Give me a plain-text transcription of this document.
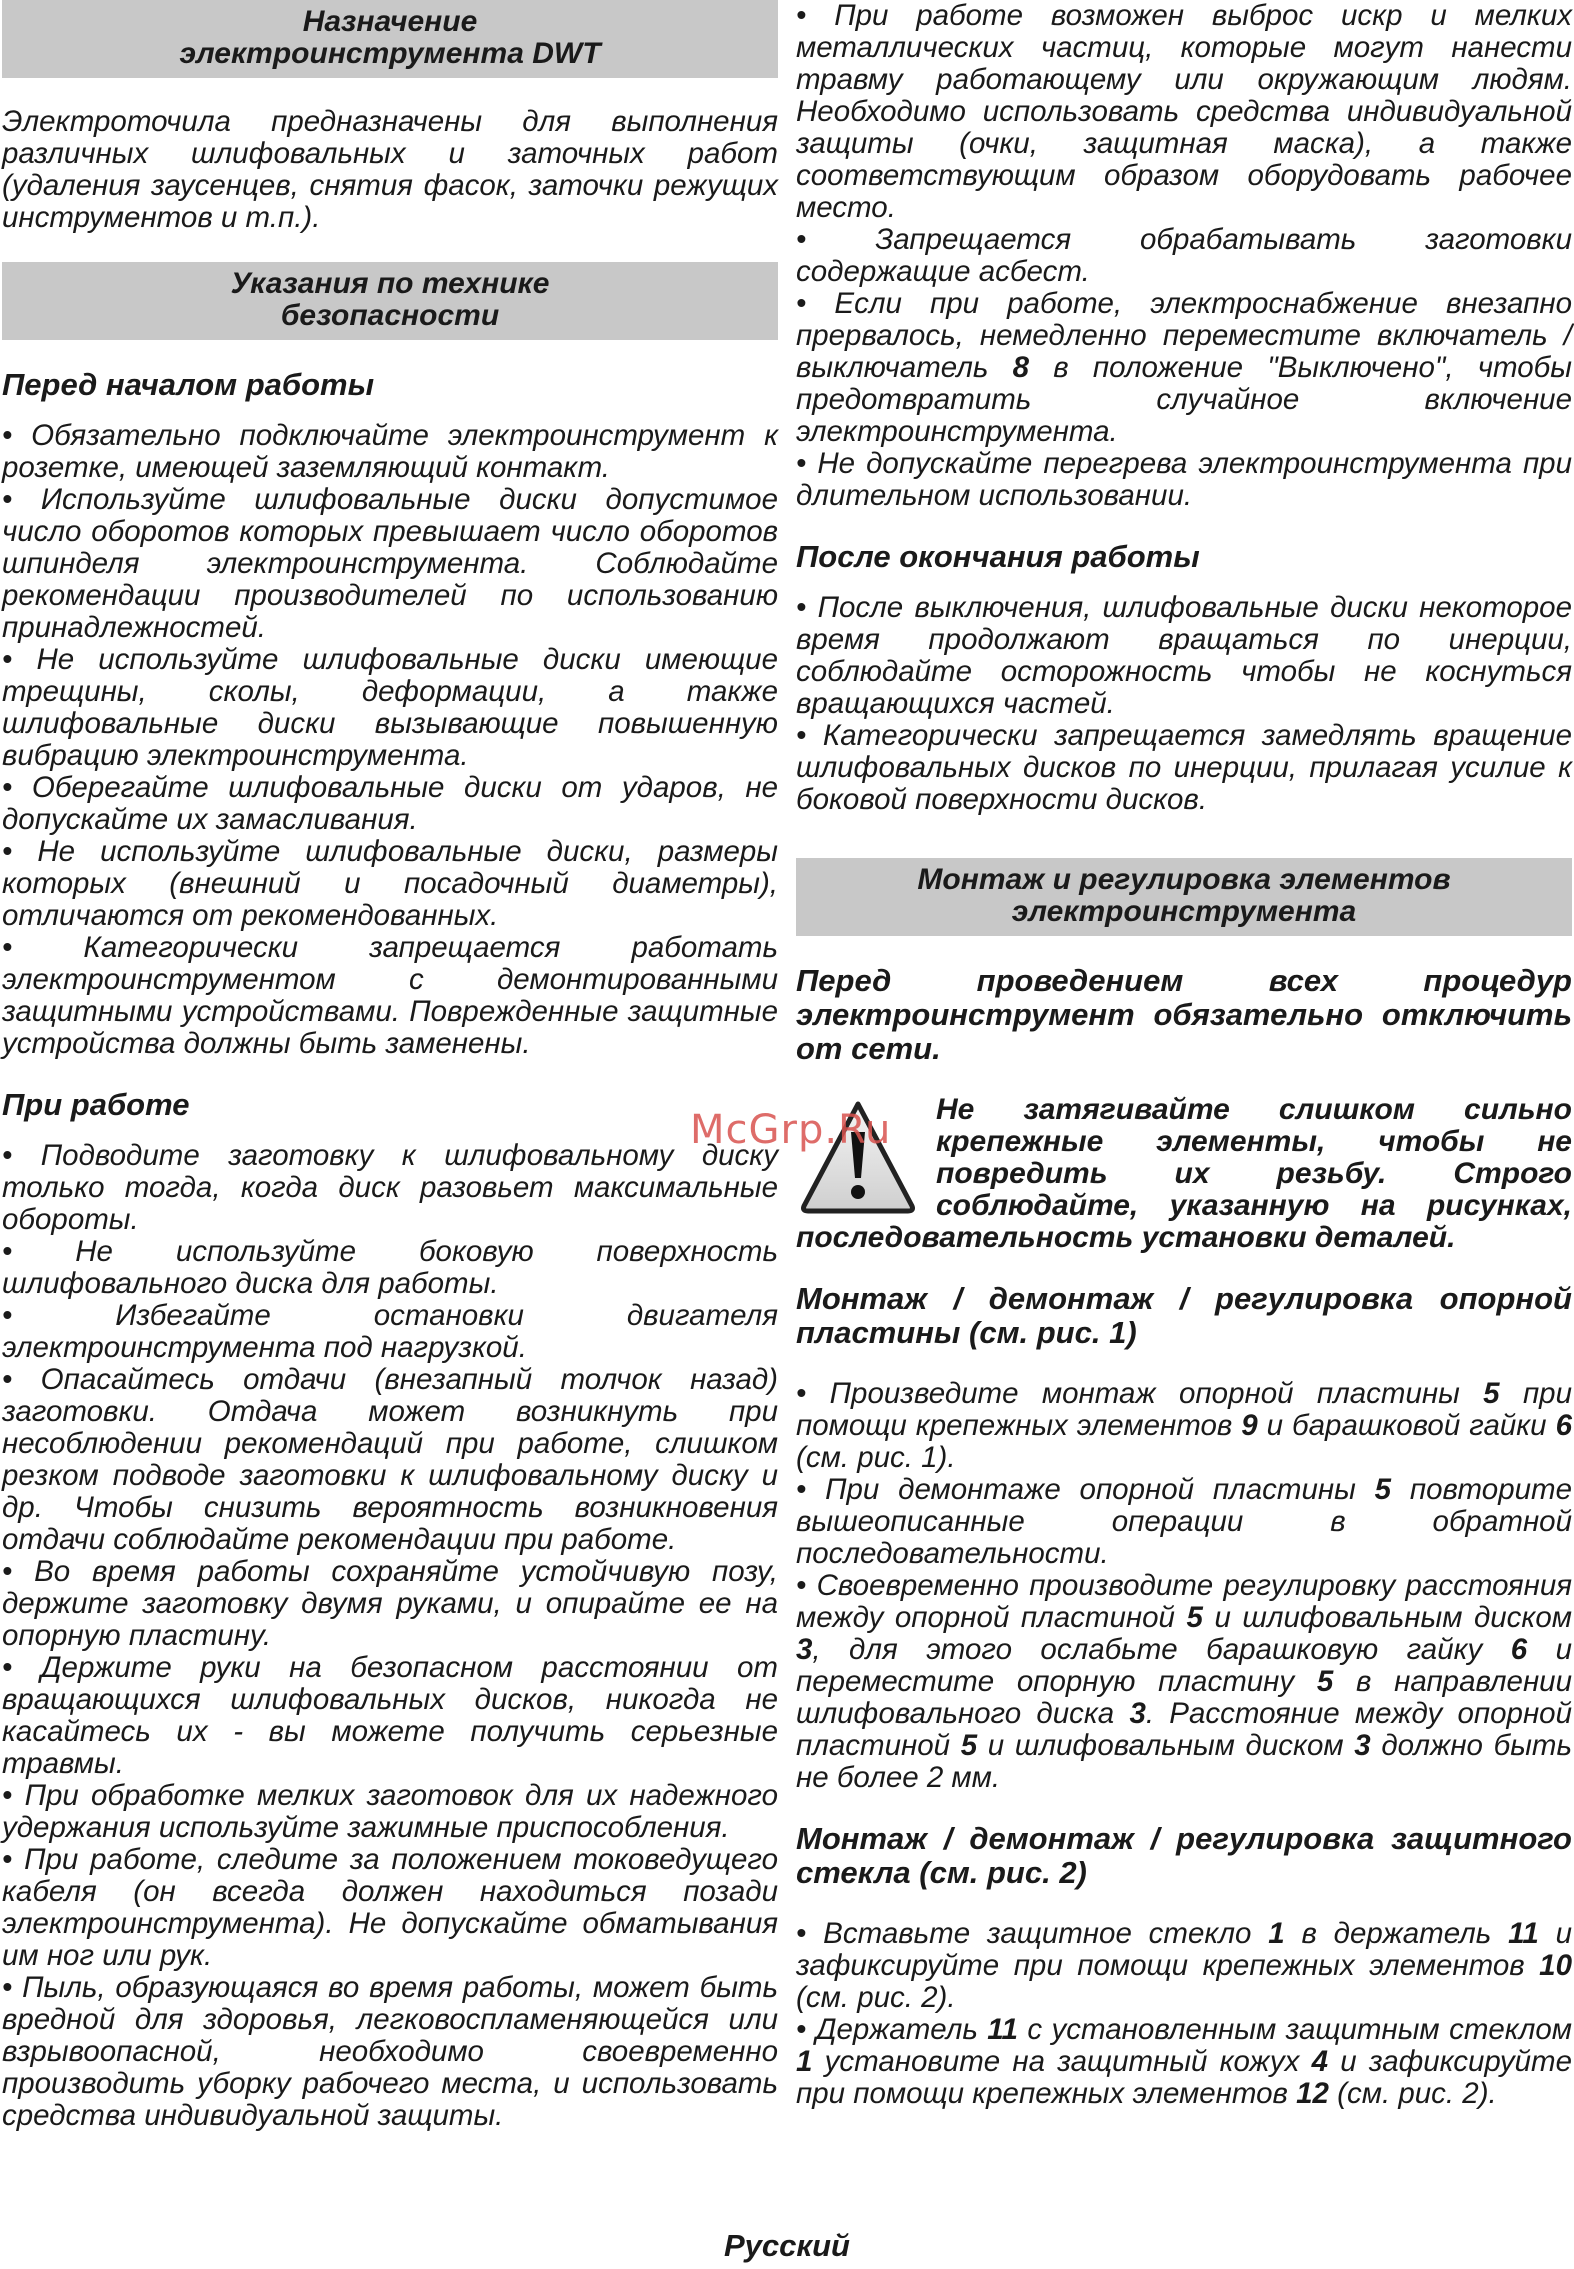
Назначение
электроинструмента DWT

Электроточила предназначены для выполнения различных шлифовальных и заточных работ (удаления заусенцев, снятия фасок, заточки режущих инструментов и т.п.).

Указания по технике
безопасности

Перед началом работы

• Обязательно подключайте электроинструмент к розетке, имеющей заземляющий контакт.

• Используйте шлифовальные диски допустимое число оборотов которых превышает число оборотов шпинделя электроинструмента. Соблюдайте рекомендации производителей по использованию принадлежностей.

• Не используйте шлифовальные диски имеющие трещины, сколы, деформации, а также шлифовальные диски вызывающие повышенную вибрацию электроинструмента.

• Оберегайте шлифовальные диски от ударов, не допускайте их замасливания.

• Не используйте шлифовальные диски, размеры которых (внешний и посадочный диаметры), отличаются от рекомендованных.

• Категорически запрещается работать электроинструментом с демонтированными защитными устройствами. Поврежденные защитные устройства должны быть заменены.

При работе

• Подводите заготовку к шлифовальному диску только тогда, когда диск разовьет максимальные обороты.

• Не используйте боковую поверхность шлифовального диска для работы.

• Избегайте остановки двигателя электроинструмента под нагрузкой.

• Опасайтесь отдачи (внезапный толчок назад) заготовки. Отдача может возникнуть при несоблюдении рекомендаций при работе, слишком резком подводе заготовки к шлифовальному диску и др. Чтобы снизить вероятность возникновения отдачи соблюдайте рекомендации при работе.

• Во время работы сохраняйте устойчивую позу, держите заготовку двумя руками, и опирайте ее на опорную пластину.

• Держите руки на безопасном расстоянии от вращающихся шлифовальных дисков, никогда не касайтесь их - вы можете получить серьезные травмы.

• При обработке мелких заготовок для их надежного удержания используйте зажимные приспособления.

• При работе, следите за положением токоведущего кабеля (он всегда должен находиться позади электроинструмента). Не допускайте обматывания им ног или рук.

• Пыль, образующаяся во время работы, может быть вредной для здоровья, легковоспламеняющейся или взрывоопасной, необходимо своевременно производить уборку рабочего места, и использовать средства индивидуальной защиты.

• При работе возможен выброс искр и мелких металлических частиц, которые могут нанести травму работающему или окружающим людям. Необходимо использовать средства индивидуальной защиты (очки, защитная маска), а также соответствующим образом оборудовать рабочее место.

• Запрещается обрабатывать заготовки содержащие асбест.

• Если при работе, электроснабжение внезапно прервалось, немедленно переместите включатель / выключатель 8 в положение "Выключено", чтобы предотвратить случайное включение электроинструмента.

• Не допускайте перегрева электроинструмента при длительном использовании.

После окончания работы

• После выключения, шлифовальные диски некоторое время продолжают вращаться по инерции, соблюдайте осторожность чтобы не коснуться вращающихся частей.

• Категорически запрещается замедлять вращение шлифовальных дисков по инерции, прилагая усилие к боковой поверхности дисков.

Монтаж и регулировка элементов
электроинструмента

Перед проведением всех процедур электроинструмент обязательно отключить от сети.

Не затягивайте слишком сильно крепежные элементы, чтобы не повредить их резьбу. Строго соблюдайте, указанную на рисунках, последовательность установки деталей.

Монтаж / демонтаж / регулировка опорной пластины (см. рис. 1)

• Произведите монтаж опорной пластины 5 при помощи крепежных элементов 9 и барашковой гайки 6 (см. рис. 1).

• При демонтаже опорной пластины 5 повторите вышеописанные операции в обратной последовательности.

• Своевременно производите регулировку расстояния между опорной пластиной 5 и шлифовальным диском 3, для этого ослабьте барашковую гайку 6 и переместите опорную пластину 5 в направлении шлифовального диска 3. Расстояние между опорной пластиной 5 и шлифовальным диском 3 должно быть не более 2 мм.

Монтаж / демонтаж / регулировка защитного стекла (см. рис. 2)

• Вставьте защитное стекло 1 в держатель 11 и зафиксируйте при помощи крепежных элементов 10 (см. рис. 2).

• Держатель 11 с установленным защитным стеклом 1 установите на защитный кожух 4 и зафиксируйте при помощи крепежных элементов 12 (см. рис. 2).

McGrp.Ru
Русский
